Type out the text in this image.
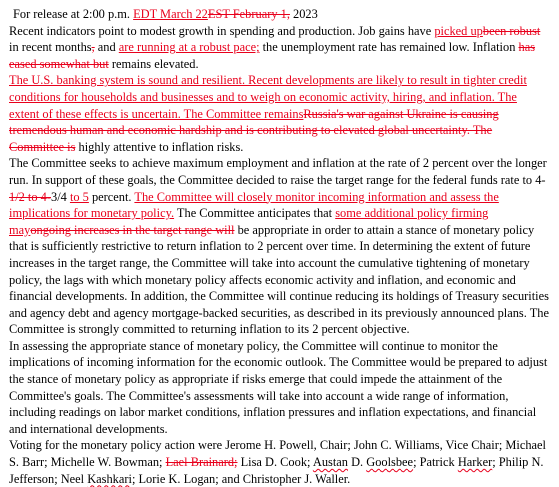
For release at 2:00 p.m. EDT March 22EST February 1, 2023

Recent indicators point to modest growth in spending and production. Job gains have picked upbeen robust in recent months, and are running at a robust pace; the unemployment rate has remained low. Inflation has eased somewhat but remains elevated.

The U.S. banking system is sound and resilient. Recent developments are likely to result in tighter credit conditions for households and businesses and to weigh on economic activity, hiring, and inflation. The extent of these effects is uncertain. The Committee remainsRussia's war against Ukraine is causing tremendous human and economic hardship and is contributing to elevated global uncertainty. The Committee is highly attentive to inflation risks.

The Committee seeks to achieve maximum employment and inflation at the rate of 2 percent over the longer run. In support of these goals, the Committee decided to raise the target range for the federal funds rate to 4-1/2 to 4-3/4 to 5 percent. The Committee will closely monitor incoming information and assess the implications for monetary policy. The Committee anticipates that some additional policy firming mayongoing increases in the target range will be appropriate in order to attain a stance of monetary policy that is sufficiently restrictive to return inflation to 2 percent over time. In determining the extent of future increases in the target range, the Committee will take into account the cumulative tightening of monetary policy, the lags with which monetary policy affects economic activity and inflation, and economic and financial developments. In addition, the Committee will continue reducing its holdings of Treasury securities and agency debt and agency mortgage-backed securities, as described in its previously announced plans. The Committee is strongly committed to returning inflation to its 2 percent objective.

In assessing the appropriate stance of monetary policy, the Committee will continue to monitor the implications of incoming information for the economic outlook. The Committee would be prepared to adjust the stance of monetary policy as appropriate if risks emerge that could impede the attainment of the Committee's goals. The Committee's assessments will take into account a wide range of information, including readings on labor market conditions, inflation pressures and inflation expectations, and financial and international developments.

Voting for the monetary policy action were Jerome H. Powell, Chair; John C. Williams, Vice Chair; Michael S. Barr; Michelle W. Bowman; Lael Brainard; Lisa D. Cook; Austan D. Goolsbee; Patrick Harker; Philip N. Jefferson; Neel Kashkari; Lorie K. Logan; and Christopher J. Waller.
